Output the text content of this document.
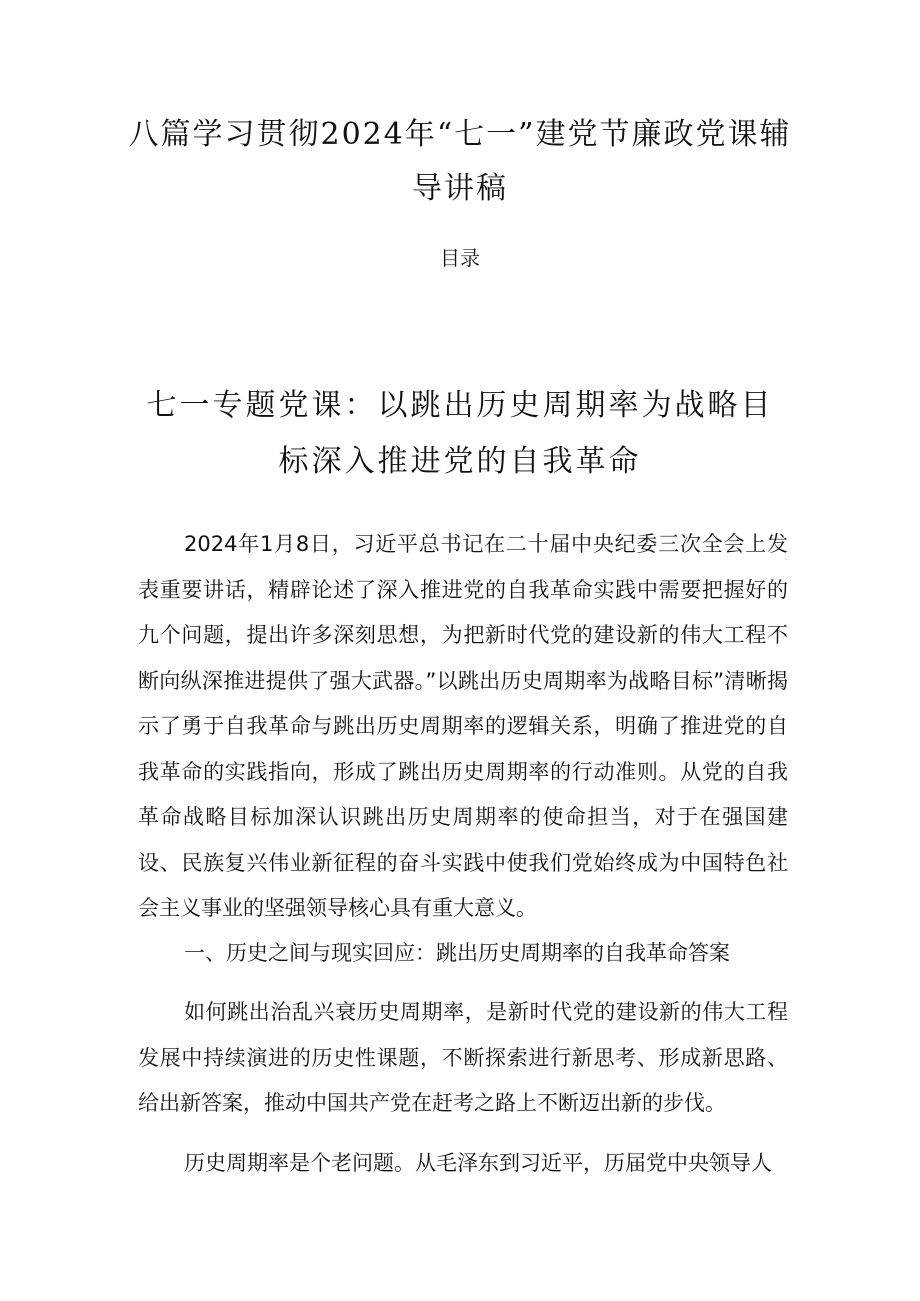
八篇学习贯彻2024年“七一”建党节廉政党课辅导讲稿
目录
七一专题党课：以跳出历史周期率为战略目标深入推进党的自我革命

2024年1月8日，习近平总书记在二十届中央纪委三次全会上发表重要讲话，精辟论述了深入推进党的自我革命实践中需要把握好的九个问题，提出许多深刻思想，为把新时代党的建设新的伟大工程不断向纵深推进提供了强大武器。”以跳出历史周期率为战略目标”清晰揭示了勇于自我革命与跳出历史周期率的逻辑关系，明确了推进党的自我革命的实践指向，形成了跳出历史周期率的行动准则。从党的自我革命战略目标加深认识跳出历史周期率的使命担当，对于在强国建设、民族复兴伟业新征程的奋斗实践中使我们党始终成为中国特色社会主义事业的坚强领导核心具有重大意义。

一、历史之间与现实回应：跳出历史周期率的自我革命答案

如何跳出治乱兴衰历史周期率，是新时代党的建设新的伟大工程发展中持续演进的历史性课题，不断探索进行新思考、形成新思路、给出新答案，推动中国共产党在赶考之路上不断迈出新的步伐。

历史周期率是个老问题。从毛泽东到习近平，历届党中央领导人
